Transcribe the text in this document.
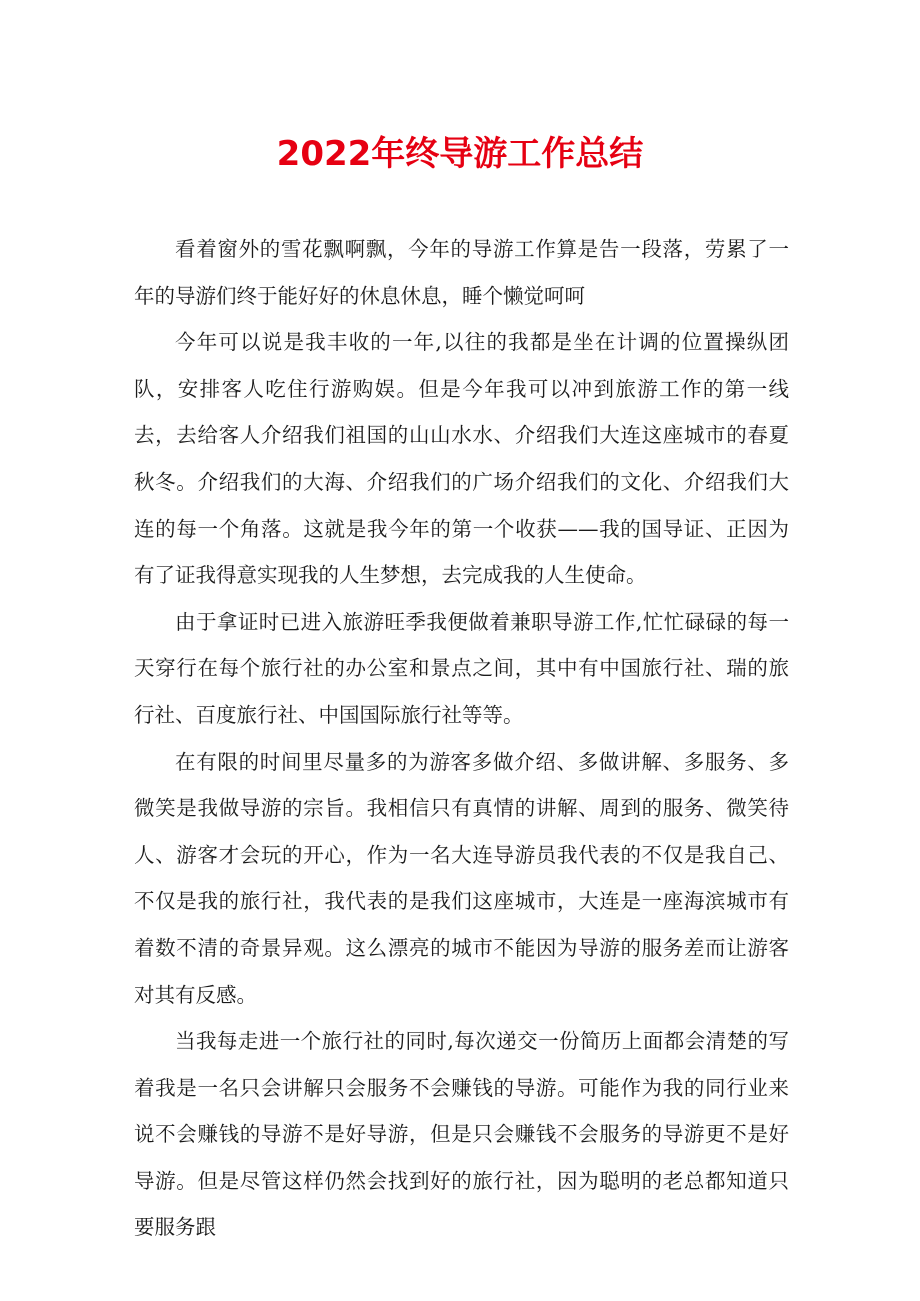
2022年终导游工作总结

看着窗外的雪花飘啊飘，今年的导游工作算是告一段落，劳累了一年的导游们终于能好好的休息休息，睡个懒觉呵呵

今年可以说是我丰收的一年,以往的我都是坐在计调的位置操纵团队，安排客人吃住行游购娱。但是今年我可以冲到旅游工作的第一线去，去给客人介绍我们祖国的山山水水、介绍我们大连这座城市的春夏秋冬。介绍我们的大海、介绍我们的广场介绍我们的文化、介绍我们大连的每一个角落。这就是我今年的第一个收获——我的国导证、正因为有了证我得意实现我的人生梦想，去完成我的人生使命。

由于拿证时已进入旅游旺季我便做着兼职导游工作,忙忙碌碌的每一天穿行在每个旅行社的办公室和景点之间，其中有中国旅行社、瑞的旅行社、百度旅行社、中国国际旅行社等等。

在有限的时间里尽量多的为游客多做介绍、多做讲解、多服务、多微笑是我做导游的宗旨。我相信只有真情的讲解、周到的服务、微笑待人、游客才会玩的开心，作为一名大连导游员我代表的不仅是我自己、不仅是我的旅行社，我代表的是我们这座城市，大连是一座海滨城市有着数不清的奇景异观。这么漂亮的城市不能因为导游的服务差而让游客对其有反感。

当我每走进一个旅行社的同时,每次递交一份简历上面都会清楚的写着我是一名只会讲解只会服务不会赚钱的导游。可能作为我的同行业来说不会赚钱的导游不是好导游，但是只会赚钱不会服务的导游更不是好导游。但是尽管这样仍然会找到好的旅行社，因为聪明的老总都知道只要服务跟
